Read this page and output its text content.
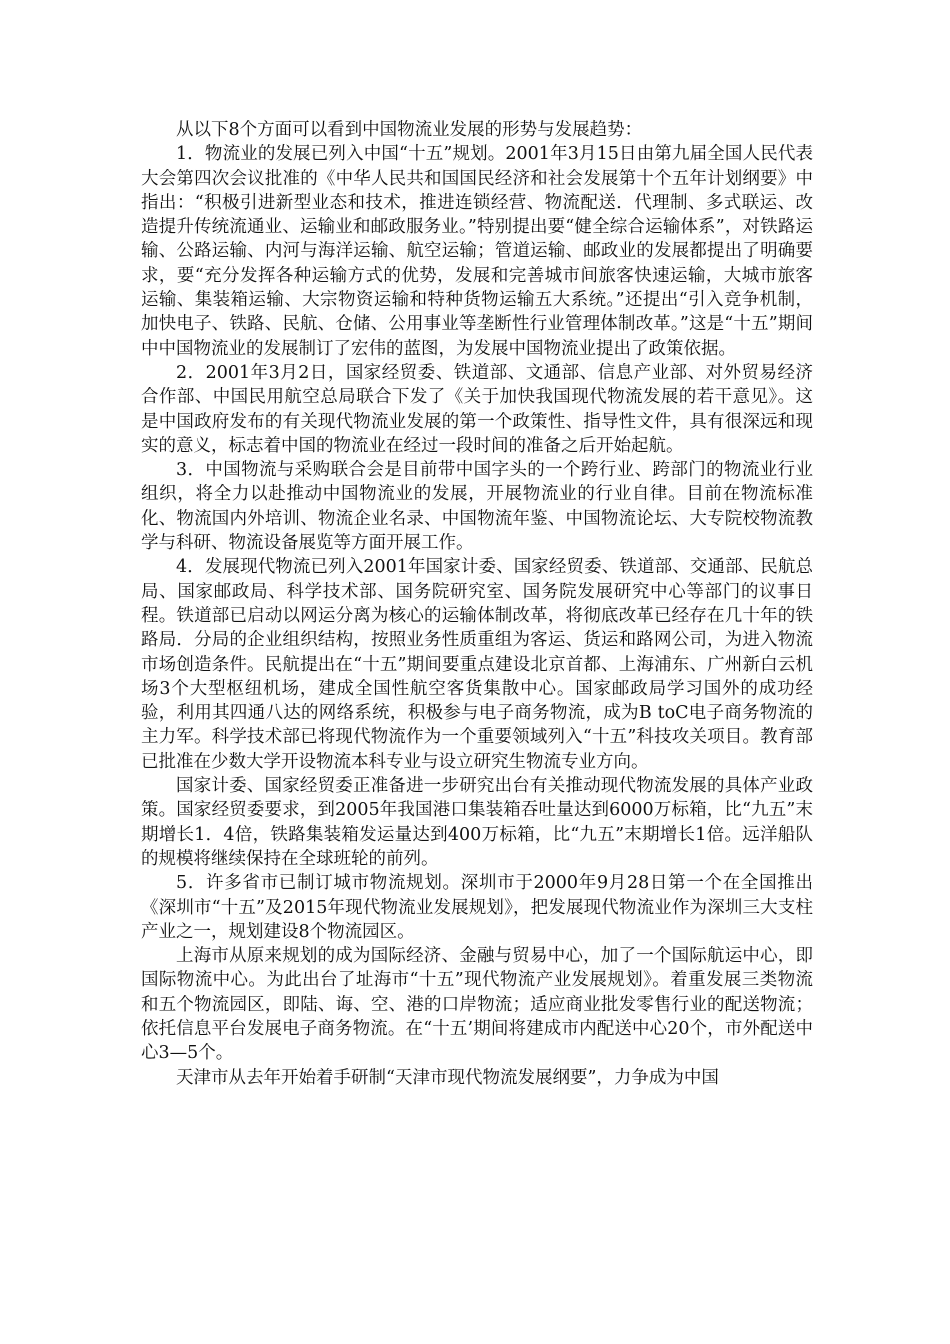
从以下8个方面可以看到中国物流业发展的形势与发展趋势：

1．物流业的发展已列入中国“十五”规划。2001年3月15日由第九届全国人民代表大会第四次会议批准的《中华人民共和国国民经济和社会发展第十个五年计划纲要》中指出：“积极引进新型业态和技术，推进连锁经营、物流配送．代理制、多式联运、改造提升传统流通业、运输业和邮政服务业。”特别提出要“健全综合运输体系”，对铁路运输、公路运输、内河与海洋运输、航空运输；管道运输、邮政业的发展都提出了明确要求，要“充分发挥各种运输方式的优势，发展和完善城市间旅客快速运输，大城市旅客运输、集装箱运输、大宗物资运输和特种货物运输五大系统。”还提出“引入竞争机制，加快电子、铁路、民航、仓储、公用事业等垄断性行业管理体制改革。”这是“十五”期间中中国物流业的发展制订了宏伟的蓝图，为发展中国物流业提出了政策依据。

2．2001年3月2日，国家经贸委、铁道部、文通部、信息产业部、对外贸易经济合作部、中国民用航空总局联合下发了《关于加快我国现代物流发展的若干意见》。这是中国政府发布的有关现代物流业发展的第一个政策性、指导性文件，具有很深远和现实的意义，标志着中国的物流业在经过一段时间的准备之后开始起航。

3．中国物流与采购联合会是目前带中国字头的一个跨行业、跨部门的物流业行业组织，将全力以赴推动中国物流业的发展，开展物流业的行业自律。目前在物流标准化、物流国内外培训、物流企业名录、中国物流年鉴、中国物流论坛、大专院校物流教学与科研、物流设备展览等方面开展工作。

4．发展现代物流已列入2001年国家计委、国家经贸委、铁道部、交通部、民航总局、国家邮政局、科学技术部、国务院研究室、国务院发展研究中心等部门的议事日程。铁道部已启动以网运分离为核心的运输体制改革，将彻底改革已经存在几十年的铁路局．分局的企业组织结构，按照业务性质重组为客运、货运和路网公司，为进入物流市场创造条件。民航提出在“十五”期间要重点建设北京首都、上海浦东、广州新白云机场3个大型枢纽机场，建成全国性航空客货集散中心。国家邮政局学习国外的成功经验，利用其四通八达的网络系统，积极参与电子商务物流，成为B toC电子商务物流的主力军。科学技术部已将现代物流作为一个重要领域列入“十五”科技攻关项目。教育部已批准在少数大学开设物流本科专业与设立研究生物流专业方向。

国家计委、国家经贸委正准备进一步研究出台有关推动现代物流发展的具体产业政策。国家经贸委要求，到2005年我国港口集装箱吞吐量达到6000万标箱，比“九五”末期增长1．4倍，铁路集装箱发运量达到400万标箱，比“九五”末期增长1倍。远洋船队的规模将继续保持在全球班轮的前列。

5．许多省市已制订城市物流规划。深圳市于2000年9月28日第一个在全国推出《深圳市“十五”及2015年现代物流业发展规划》，把发展现代物流业作为深圳三大支柱产业之一，规划建设8个物流园区。

上海市从原来规划的成为国际经济、金融与贸易中心，加了一个国际航运中心，即国际物流中心。为此出台了址海市“十五”现代物流产业发展规划》。着重发展三类物流和五个物流园区，即陆、诲、空、港的口岸物流；适应商业批发零售行业的配送物流；依托信息平台发展电子商务物流。在“十五’期间将建成市内配送中心20个，市外配送中心3—5个。

天津市从去年开始着手研制“天津市现代物流发展纲要”，力争成为中国
